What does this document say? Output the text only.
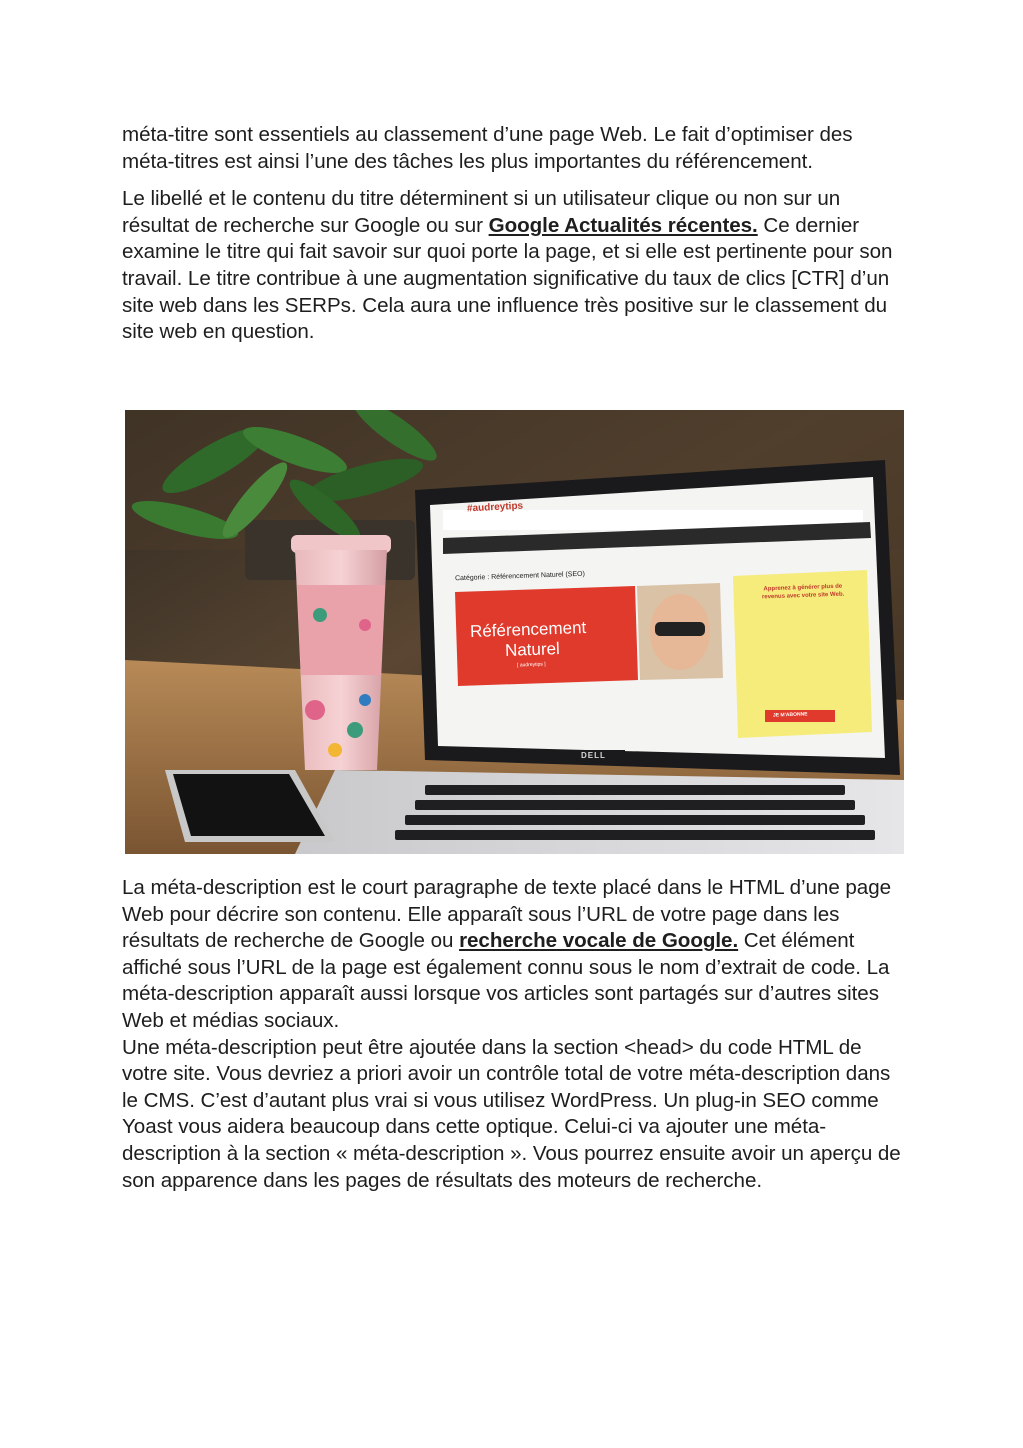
méta-titre sont essentiels au classement d’une page Web. Le fait d’optimiser des méta-titres est ainsi l’une des tâches les plus importantes du référencement.

Le libellé et le contenu du titre déterminent si un utilisateur clique ou non sur un résultat de recherche sur Google ou sur Google Actualités récentes. Ce dernier examine le titre qui fait savoir sur quoi porte la page, et si elle est pertinente pour son travail. Le titre contribue à une augmentation significative du taux de clics [CTR] d’un site web dans les SERPs. Cela aura une influence très positive sur le classement du site web en question.

#audreytips
Catégorie : Référencement Naturel (SEO)
Référencement
Naturel
[ audreytips ]
Apprenez à générer plus de revenus avec votre site Web.
JE M'ABONNE
DELL

La méta-description est le court paragraphe de texte placé dans le HTML d’une page Web pour décrire son contenu. Elle apparaît sous l’URL de votre page dans les résultats de recherche de Google ou recherche vocale de Google. Cet élément affiché sous l’URL de la page est également connu sous le nom d’extrait de code. La méta-description apparaît aussi lorsque vos articles sont partagés sur d’autres sites Web et médias sociaux.

Une méta-description peut être ajoutée dans la section <head> du code HTML de votre site. Vous devriez a priori avoir un contrôle total de votre méta-description dans le CMS. C’est d’autant plus vrai si vous utilisez WordPress. Un plug-in SEO comme Yoast vous aidera beaucoup dans cette optique. Celui-ci va ajouter une méta-description à la section « méta-description ». Vous pourrez ensuite avoir un aperçu de son apparence dans les pages de résultats des moteurs de recherche.
